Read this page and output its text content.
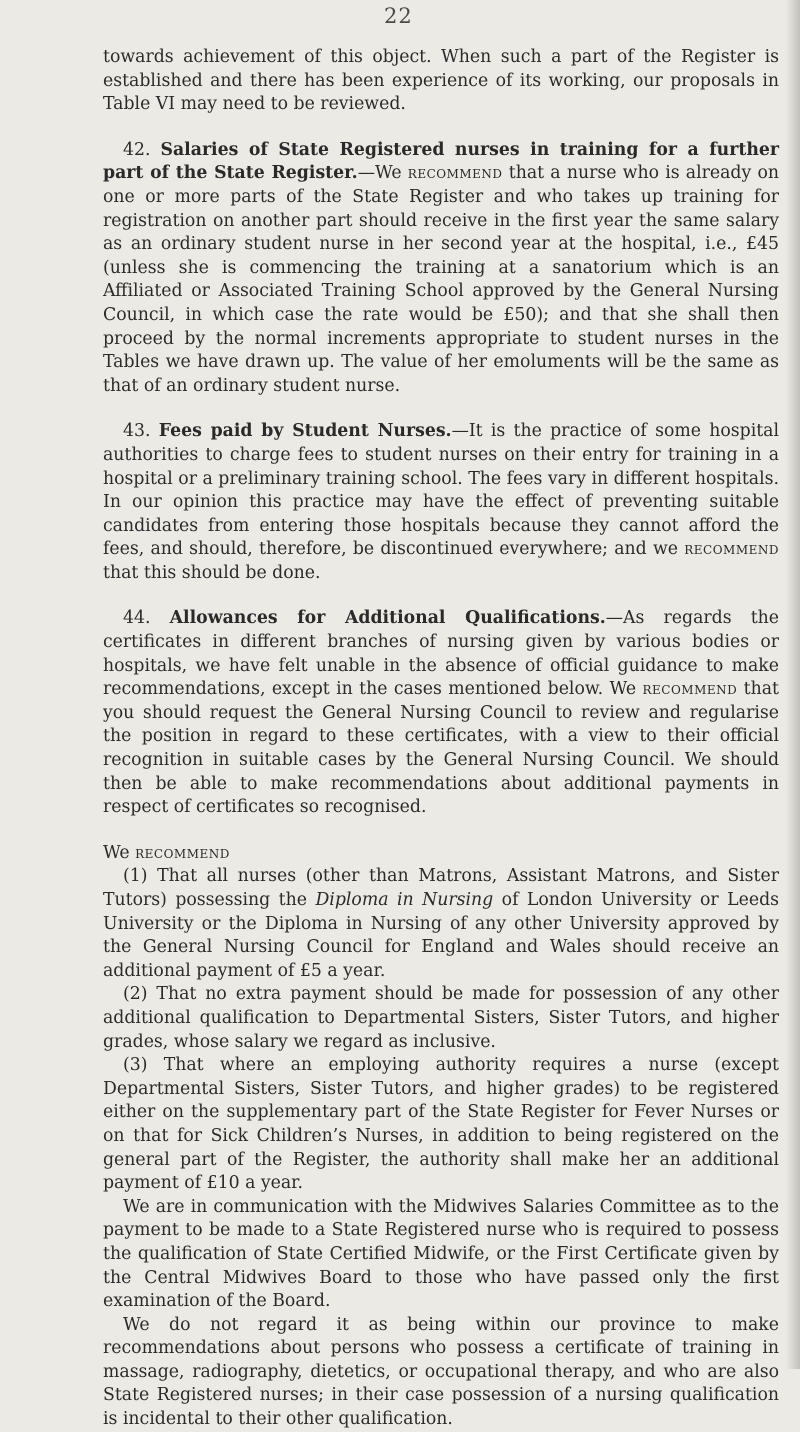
22

towards achievement of this object. When such a part of the Register is established and there has been experience of its working, our proposals in Table VI may need to be reviewed.

42. Salaries of State Registered nurses in training for a further part of the State Register.—We recommend that a nurse who is already on one or more parts of the State Register and who takes up training for registration on another part should receive in the first year the same salary as an ordinary student nurse in her second year at the hospital, i.e., £45 (unless she is commencing the training at a sanatorium which is an Affiliated or Associated Training School approved by the General Nursing Council, in which case the rate would be £50); and that she shall then proceed by the normal increments appropriate to student nurses in the Tables we have drawn up. The value of her emoluments will be the same as that of an ordinary student nurse.

43. Fees paid by Student Nurses.—It is the practice of some hospital authorities to charge fees to student nurses on their entry for training in a hospital or a preliminary training school. The fees vary in different hospitals. In our opinion this practice may have the effect of preventing suitable candidates from entering those hospitals because they cannot afford the fees, and should, therefore, be discontinued everywhere; and we recommend that this should be done.

44. Allowances for Additional Qualifications.—As regards the certificates in different branches of nursing given by various bodies or hospitals, we have felt unable in the absence of official guidance to make recommendations, except in the cases mentioned below. We recommend that you should request the General Nursing Council to review and regularise the position in regard to these certificates, with a view to their official recognition in suitable cases by the General Nursing Council. We should then be able to make recommendations about additional payments in respect of certificates so recognised.

We recommend

(1) That all nurses (other than Matrons, Assistant Matrons, and Sister Tutors) possessing the Diploma in Nursing of London University or Leeds University or the Diploma in Nursing of any other University approved by the General Nursing Council for England and Wales should receive an additional payment of £5 a year.

(2) That no extra payment should be made for possession of any other additional qualification to Departmental Sisters, Sister Tutors, and higher grades, whose salary we regard as inclusive.

(3) That where an employing authority requires a nurse (except Departmental Sisters, Sister Tutors, and higher grades) to be registered either on the supplementary part of the State Register for Fever Nurses or on that for Sick Children’s Nurses, in addition to being registered on the general part of the Register, the authority shall make her an additional payment of £10 a year.

We are in communication with the Midwives Salaries Committee as to the payment to be made to a State Registered nurse who is required to possess the qualification of State Certified Midwife, or the First Certificate given by the Central Midwives Board to those who have passed only the first examination of the Board.

We do not regard it as being within our province to make recommendations about persons who possess a certificate of training in massage, radiography, dietetics, or occupational therapy, and who are also State Registered nurses; in their case possession of a nursing qualification is incidental to their other qualification.
